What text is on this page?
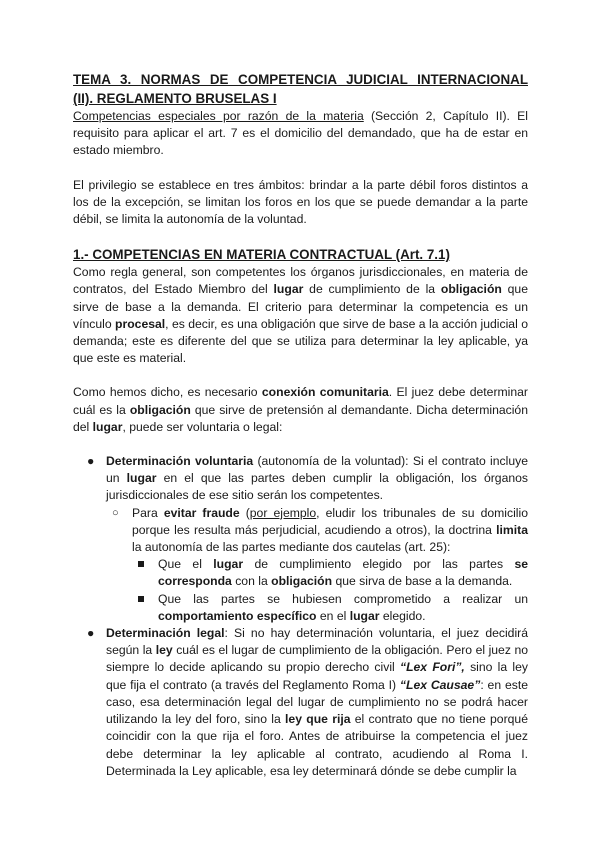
TEMA 3. NORMAS DE COMPETENCIA JUDICIAL INTERNACIONAL
(II). REGLAMENTO BRUSELAS I

Competencias especiales por razón de la materia (Sección 2, Capítulo II). El requisito para aplicar el art. 7 es el domicilio del demandado, que ha de estar en estado miembro.

El privilegio se establece en tres ámbitos: brindar a la parte débil foros distintos a los de la excepción, se limitan los foros en los que se puede demandar a la parte débil, se limita la autonomía de la voluntad.

1.- COMPETENCIAS EN MATERIA CONTRACTUAL (Art. 7.1)

Como regla general, son competentes los órganos jurisdiccionales, en materia de contratos, del Estado Miembro del lugar de cumplimiento de la obligación que sirve de base a la demanda. El criterio para determinar la competencia es un vínculo procesal, es decir, es una obligación que sirve de base a la acción judicial o demanda; este es diferente del que se utiliza para determinar la ley aplicable, ya que este es material.

Como hemos dicho, es necesario conexión comunitaria. El juez debe determinar cuál es la obligación que sirve de pretensión al demandante. Dicha determinación del lugar, puede ser voluntaria o legal:

● Determinación voluntaria (autonomía de la voluntad): Si el contrato incluye un lugar en el que las partes deben cumplir la obligación, los órganos jurisdiccionales de ese sitio serán los competentes.
○ Para evitar fraude (por ejemplo, eludir los tribunales de su domicilio porque les resulta más perjudicial, acudiendo a otros), la doctrina limita la autonomía de las partes mediante dos cautelas (art. 25):
Que el lugar de cumplimiento elegido por las partes se corresponda con la obligación que sirva de base a la demanda.
Que las partes se hubiesen comprometido a realizar un comportamiento específico en el lugar elegido.
● Determinación legal: Si no hay determinación voluntaria, el juez decidirá según la ley cuál es el lugar de cumplimiento de la obligación. Pero el juez no siempre lo decide aplicando su propio derecho civil “Lex Fori”, sino la ley que fija el contrato (a través del Reglamento Roma I) “Lex Causae”: en este caso, esa determinación legal del lugar de cumplimiento no se podrá hacer utilizando la ley del foro, sino la ley que rija el contrato que no tiene porqué coincidir con la que rija el foro. Antes de atribuirse la competencia el juez debe determinar la ley aplicable al contrato, acudiendo al Roma I. Determinada la Ley aplicable, esa ley determinará dónde se debe cumplir la
